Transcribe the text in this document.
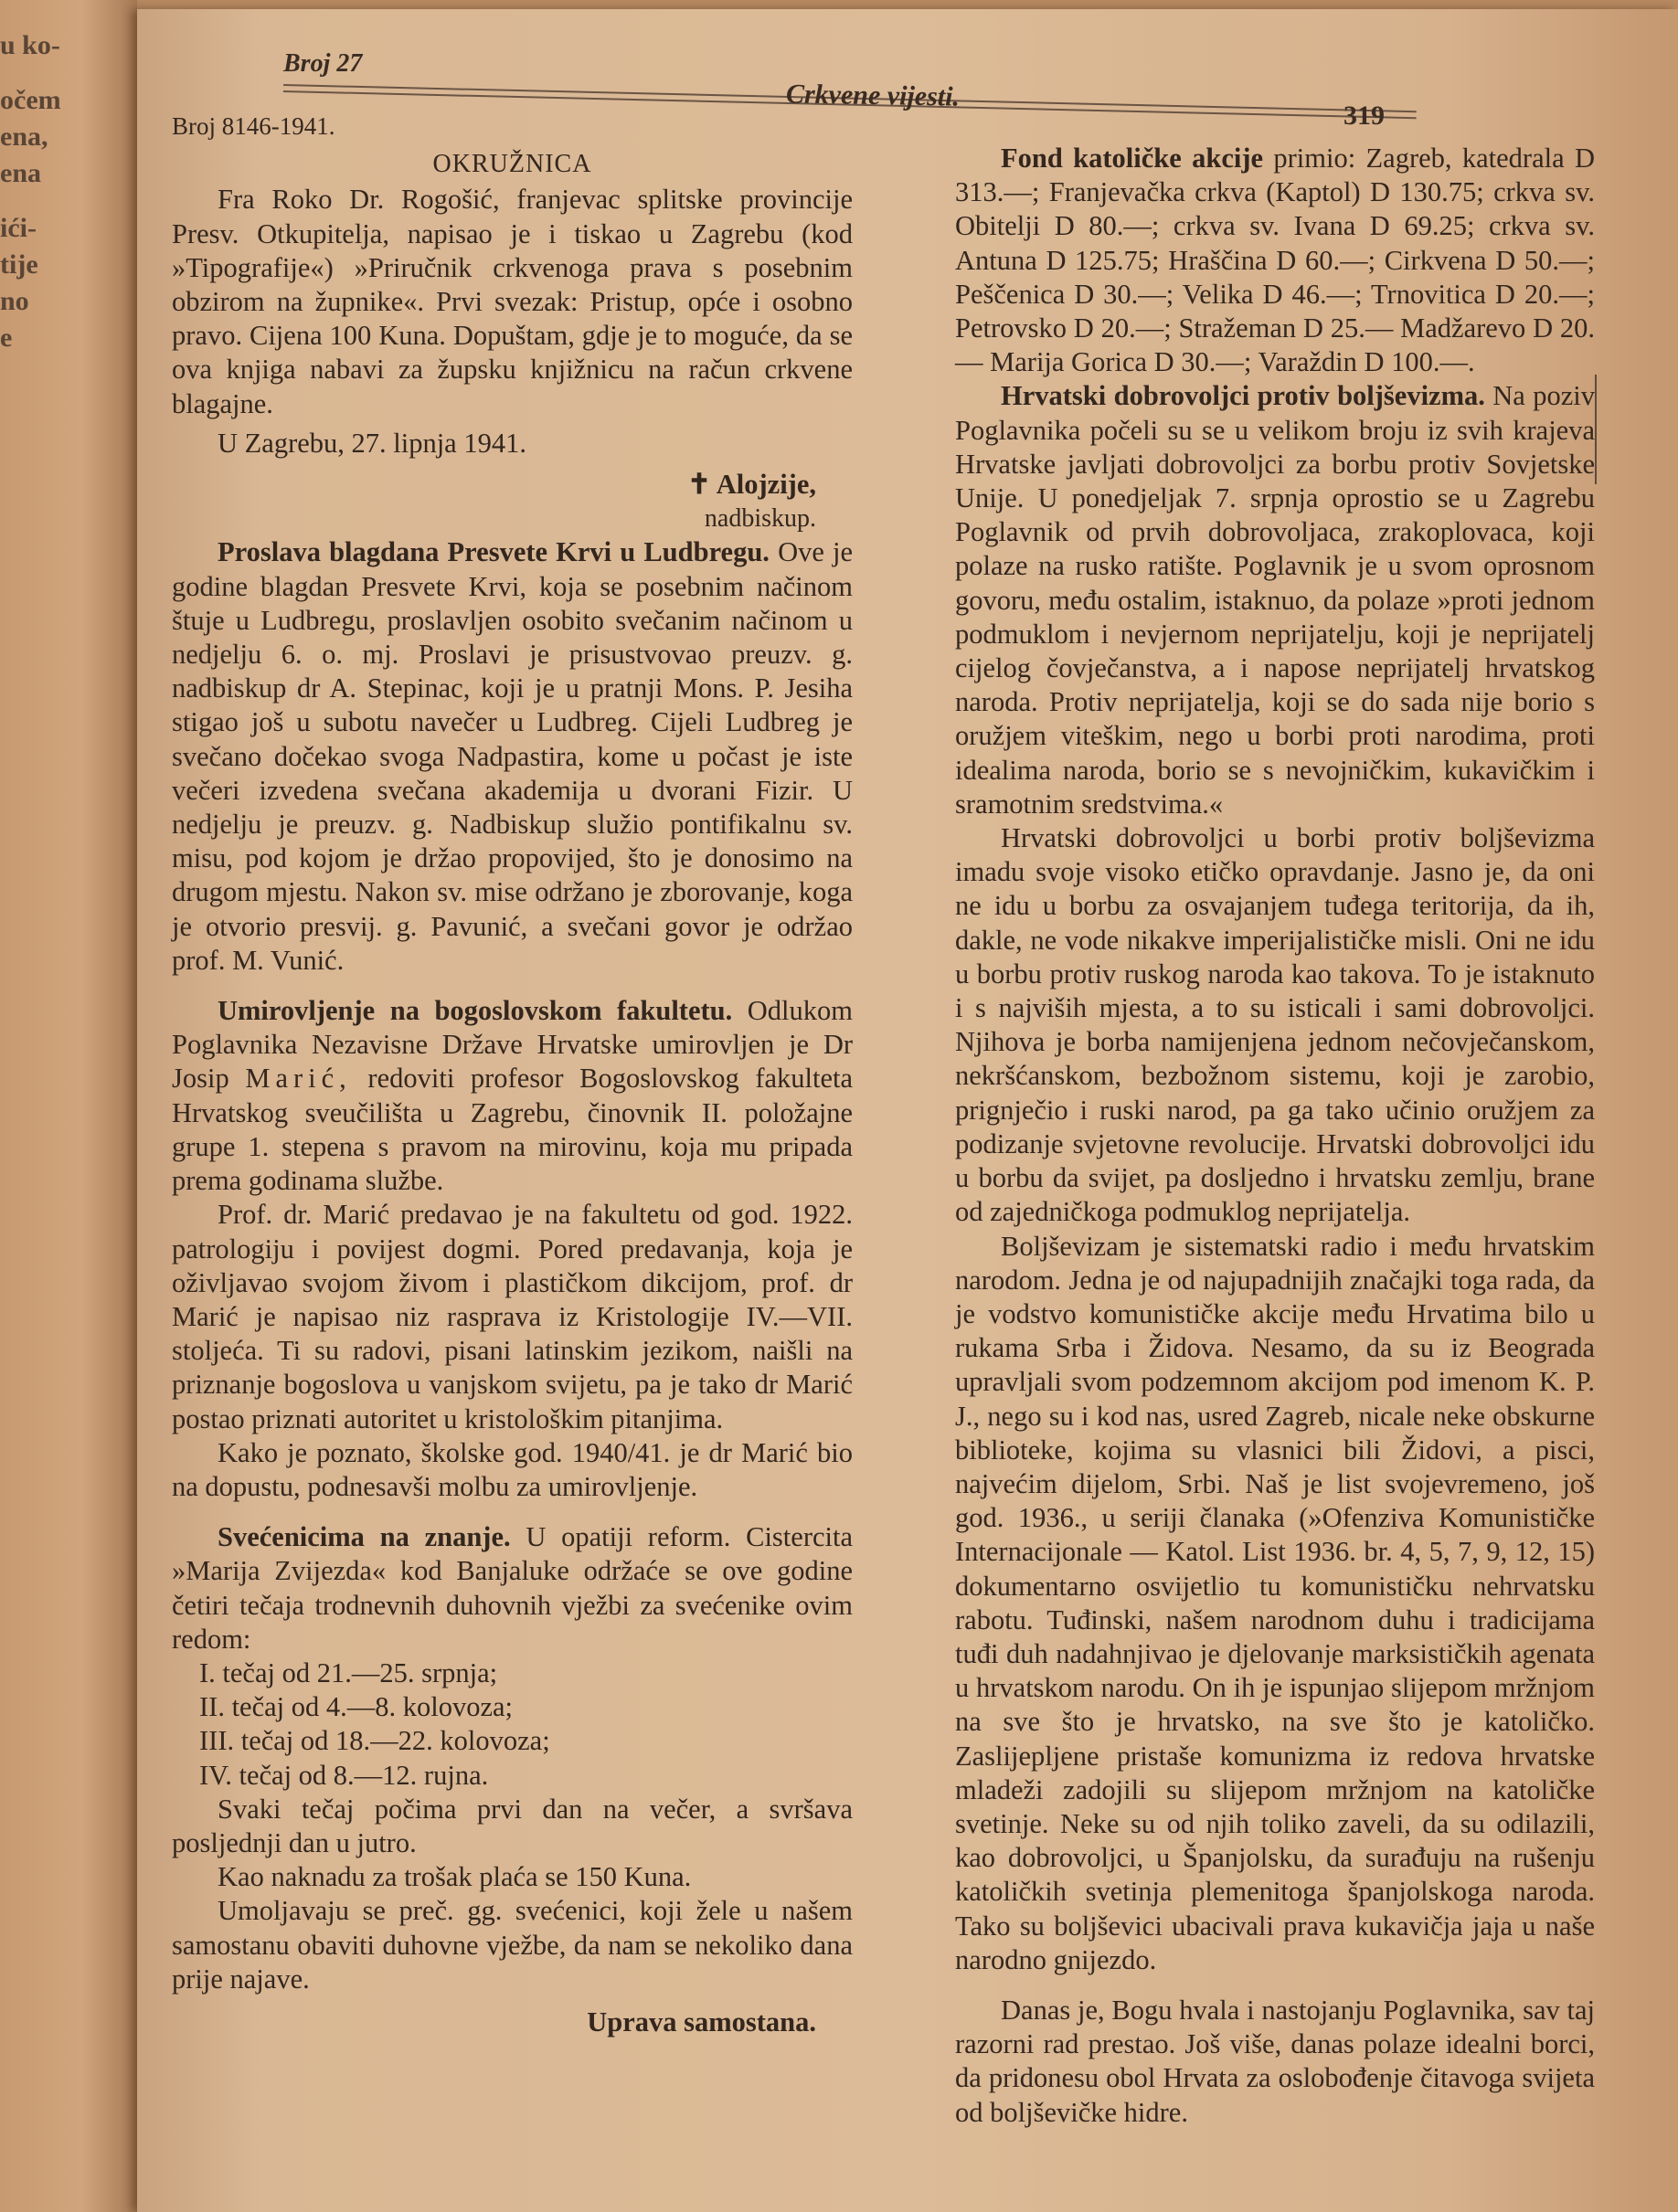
u ko-
očem
ena,
ena
ići-
tije
no
e
Broj 27
Crkvene vijesti.
319

Broj 8146-1941.

OKRUŽNICA

Fra Roko Dr. Rogošić, franjevac splitske provincije Presv. Otkupitelja, napisao je i tiskao u Zagrebu (kod »Tipografije«) »Priručnik crkvenoga prava s posebnim obzirom na župnike«. Prvi svezak: Pristup, opće i osobno pravo. Cijena 100 Kuna. Dopuštam, gdje je to moguće, da se ova knjiga nabavi za župsku knjižnicu na račun crkvene blagajne.

U Zagrebu, 27. lipnja 1941.

✝ Alojzije,

nadbiskup.

Proslava blagdana Presvete Krvi u Ludbregu. Ove je godine blagdan Presvete Krvi, koja se posebnim načinom štuje u Ludbregu, proslavljen osobito svečanim načinom u nedjelju 6. o. mj. Proslavi je prisustvovao preuzv. g. nadbiskup dr A. Stepinac, koji je u pratnji Mons. P. Jesiha stigao još u subotu navečer u Ludbreg. Cijeli Ludbreg je svečano dočekao svoga Nadpastira, kome u počast je iste večeri izvedena svečana akademija u dvorani Fizir. U nedjelju je preuzv. g. Nadbiskup služio pontifikalnu sv. misu, pod kojom je držao propovijed, što je donosimo na drugom mjestu. Nakon sv. mise održano je zborovanje, koga je otvorio presvij. g. Pavunić, a svečani govor je održao prof. M. Vunić.

Umirovljenje na bogoslovskom fakultetu. Odlukom Poglavnika Nezavisne Države Hrvatske umirovljen je Dr Josip Marić, redoviti profesor Bogoslovskog fakulteta Hrvatskog sveučilišta u Zagrebu, činovnik II. položajne grupe 1. stepena s pravom na mirovinu, koja mu pripada prema godinama službe.

Prof. dr. Marić predavao je na fakultetu od god. 1922. patrologiju i povijest dogmi. Pored predavanja, koja je oživljavao svojom živom i plastičkom dikcijom, prof. dr Marić je napisao niz rasprava iz Kristologije IV.—VII. stoljeća. Ti su radovi, pisani latinskim jezikom, naišli na priznanje bogoslova u vanjskom svijetu, pa je tako dr Marić postao priznati autoritet u kristološkim pitanjima.

Kako je poznato, školske god. 1940/41. je dr Marić bio na dopustu, podnesavši molbu za umirovljenje.

Svećenicima na znanje. U opatiji reform. Cistercita »Marija Zvijezda« kod Banjaluke održaće se ove godine četiri tečaja trodnevnih duhovnih vježbi za svećenike ovim redom:

I. tečaj od 21.—25. srpnja;

II. tečaj od 4.—8. kolovoza;

III. tečaj od 18.—22. kolovoza;

IV. tečaj od 8.—12. rujna.

Svaki tečaj počima prvi dan na večer, a svršava posljednji dan u jutro.

Kao naknadu za trošak plaća se 150 Kuna.

Umoljavaju se preč. gg. svećenici, koji žele u našem samostanu obaviti duhovne vježbe, da nam se nekoliko dana prije najave.

Uprava samostana.

Fond katoličke akcije primio: Zagreb, katedrala D 313.—; Franjevačka crkva (Kaptol) D 130.75; crkva sv. Obitelji D 80.—; crkva sv. Ivana D 69.25; crkva sv. Antuna D 125.75; Hraščina D 60.—; Cirkvena D 50.—; Peščenica D 30.—; Velika D 46.—; Trnovitica D 20.—; Petrovsko D 20.—; Stražeman D 25.— Madžarevo D 20.— Marija Gorica D 30.—; Varaždin D 100.—.

Hrvatski dobrovoljci protiv boljševizma. Na poziv Poglavnika počeli su se u velikom broju iz svih krajeva Hrvatske javljati dobrovoljci za borbu protiv Sovjetske Unije. U ponedjeljak 7. srpnja oprostio se u Zagrebu Poglavnik od prvih dobrovoljaca, zrakoplovaca, koji polaze na rusko ratište. Poglavnik je u svom oprosnom govoru, među ostalim, istaknuo, da polaze »proti jednom podmuklom i nevjernom neprijatelju, koji je neprijatelj cijelog čovječanstva, a i napose neprijatelj hrvatskog naroda. Protiv neprijatelja, koji se do sada nije borio s oružjem viteškim, nego u borbi proti narodima, proti idealima naroda, borio se s nevojničkim, kukavičkim i sramotnim sredstvima.«

Hrvatski dobrovoljci u borbi protiv boljševizma imadu svoje visoko etičko opravdanje. Jasno je, da oni ne idu u borbu za osvajanjem tuđega teritorija, da ih, dakle, ne vode nikakve imperijalističke misli. Oni ne idu u borbu protiv ruskog naroda kao takova. To je istaknuto i s najviših mjesta, a to su isticali i sami dobrovoljci. Njihova je borba namijenjena jednom nečovječanskom, nekršćanskom, bezbožnom sistemu, koji je zarobio, prignječio i ruski narod, pa ga tako učinio oružjem za podizanje svjetovne revolucije. Hrvatski dobrovoljci idu u borbu da svijet, pa dosljedno i hrvatsku zemlju, brane od zajedničkoga podmuklog neprijatelja.

Boljševizam je sistematski radio i među hrvatskim narodom. Jedna je od najupadnijih značajki toga rada, da je vodstvo komunističke akcije među Hrvatima bilo u rukama Srba i Židova. Nesamo, da su iz Beograda upravljali svom podzemnom akcijom pod imenom K. P. J., nego su i kod nas, usred Zagreb, nicale neke obskurne biblioteke, kojima su vlasnici bili Židovi, a pisci, najvećim dijelom, Srbi. Naš je list svojevremeno, još god. 1936., u seriji članaka (»Ofenziva Komunističke Internacijonale — Katol. List 1936. br. 4, 5, 7, 9, 12, 15) dokumentarno osvijetlio tu komunističku nehrvatsku rabotu. Tuđinski, našem narodnom duhu i tradicijama tuđi duh nadahnjivao je djelovanje marksističkih agenata u hrvatskom narodu. On ih je ispunjao slijepom mržnjom na sve što je hrvatsko, na sve što je katoličko. Zaslijepljene pristaše komunizma iz redova hrvatske mladeži zadojili su slijepom mržnjom na katoličke svetinje. Neke su od njih toliko zaveli, da su odilazili, kao dobrovoljci, u Španjolsku, da surađuju na rušenju katoličkih svetinja plemenitoga španjolskoga naroda. Tako su boljševici ubacivali prava kukavičja jaja u naše narodno gnijezdo.

Danas je, Bogu hvala i nastojanju Poglavnika, sav taj razorni rad prestao. Još više, danas polaze idealni borci, da pridonesu obol Hrvata za oslobođenje čitavoga svijeta od boljševičke hidre.
